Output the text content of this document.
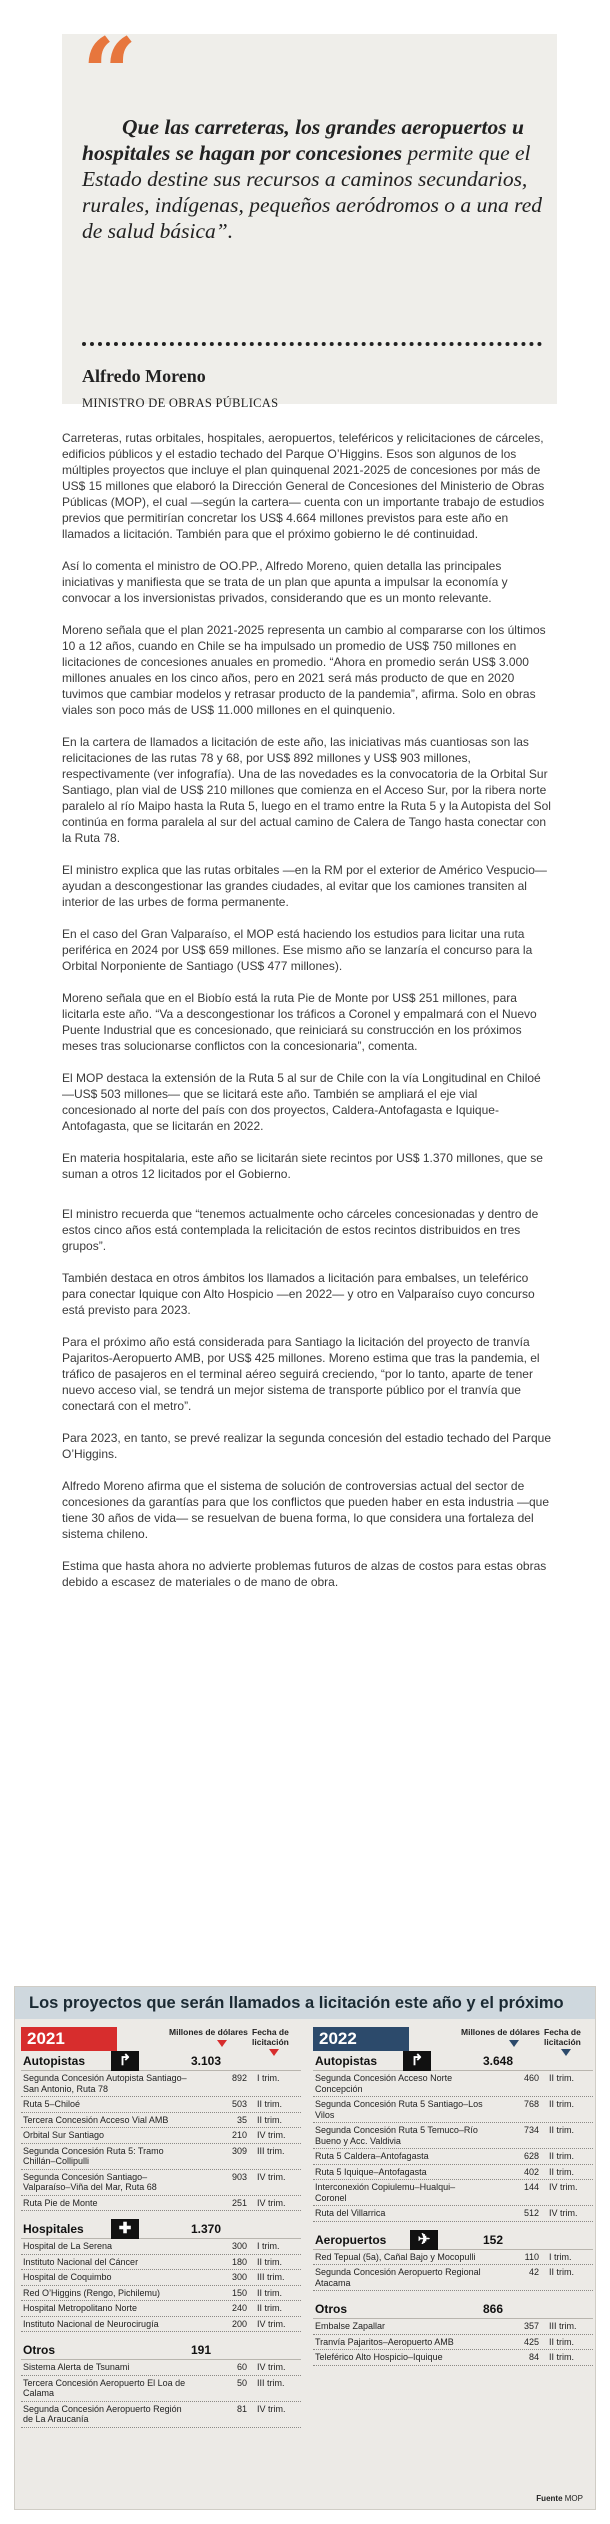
“
Que las carreteras, los grandes aeropuertos u hospitales se hagan por concesiones permite que el Estado destine sus recursos a caminos secundarios, rurales, indígenas, pequeños aeródromos o a una red de salud básica”.
Alfredo Moreno
MINISTRO DE OBRAS PÚBLICAS

Carreteras, rutas orbitales, hospitales, aeropuertos, teleféricos y relicitaciones de cárceles, edificios públicos y el estadio techado del Parque O’Higgins. Esos son algunos de los múltiples proyectos que incluye el plan quinquenal 2021-2025 de concesiones por más de US$ 15 millones que elaboró la Dirección General de Concesiones del Ministerio de Obras Públicas (MOP), el cual —según la cartera— cuenta con un importante trabajo de estudios previos que permitirían concretar los US$ 4.664 millones previstos para este año en llamados a licitación. También para que el próximo gobierno le dé continuidad.

Así lo comenta el ministro de OO.PP., Alfredo Moreno, quien detalla las principales iniciativas y manifiesta que se trata de un plan que apunta a impulsar la economía y convocar a los inversionistas privados, considerando que es un monto relevante.

Moreno señala que el plan 2021-2025 representa un cambio al compararse con los últimos 10 a 12 años, cuando en Chile se ha impulsado un promedio de US$ 750 millones en licitaciones de concesiones anuales en promedio. “Ahora en promedio serán US$ 3.000 millones anuales en los cinco años, pero en 2021 será más producto de que en 2020 tuvimos que cambiar modelos y retrasar producto de la pandemia”, afirma. Solo en obras viales son poco más de US$ 11.000 millones en el quinquenio.

En la cartera de llamados a licitación de este año, las iniciativas más cuantiosas son las relicitaciones de las rutas 78 y 68, por US$ 892 millones y US$ 903 millones, respectivamente (ver infografía). Una de las novedades es la convocatoria de la Orbital Sur Santiago, plan vial de US$ 210 millones que comienza en el Acceso Sur, por la ribera norte paralelo al río Maipo hasta la Ruta 5, luego en el tramo entre la Ruta 5 y la Autopista del Sol continúa en forma paralela al sur del actual camino de Calera de Tango hasta conectar con la Ruta 78.

El ministro explica que las rutas orbitales —en la RM por el exterior de Américo Vespucio— ayudan a descongestionar las grandes ciudades, al evitar que los camiones transiten al interior de las urbes de forma permanente.

En el caso del Gran Valparaíso, el MOP está haciendo los estudios para licitar una ruta periférica en 2024 por US$ 659 millones. Ese mismo año se lanzaría el concurso para la Orbital Norponiente de Santiago (US$ 477 millones).

Moreno señala que en el Biobío está la ruta Pie de Monte por US$ 251 millones, para licitarla este año. “Va a descongestionar los tráficos a Coronel y empalmará con el Nuevo Puente Industrial que es concesionado, que reiniciará su construcción en los próximos meses tras solucionarse conflictos con la concesionaria”, comenta.

El MOP destaca la extensión de la Ruta 5 al sur de Chile con la vía Longitudinal en Chiloé —US$ 503 millones— que se licitará este año. También se ampliará el eje vial concesionado al norte del país con dos proyectos, Caldera-Antofagasta e Iquique-Antofagasta, que se licitarán en 2022.

En materia hospitalaria, este año se licitarán siete recintos por US$ 1.370 millones, que se suman a otros 12 licitados por el Gobierno.

El ministro recuerda que “tenemos actualmente ocho cárceles concesionadas y dentro de estos cinco años está contemplada la relicitación de estos recintos distribuidos en tres grupos”.

También destaca en otros ámbitos los llamados a licitación para embalses, un teleférico para conectar Iquique con Alto Hospicio —en 2022— y otro en Valparaíso cuyo concurso está previsto para 2023.

Para el próximo año está considerada para Santiago la licitación del proyecto de tranvía Pajaritos-Aeropuerto AMB, por US$ 425 millones. Moreno estima que tras la pandemia, el tráfico de pasajeros en el terminal aéreo seguirá creciendo, “por lo tanto, aparte de tener nuevo acceso vial, se tendrá un mejor sistema de transporte público por el tranvía que conectará con el metro”.

Para 2023, en tanto, se prevé realizar la segunda concesión del estadio techado del Parque O’Higgins.

Alfredo Moreno afirma que el sistema de solución de controversias actual del sector de concesiones da garantías para que los conflictos que pueden haber en esta industria —que tiene 30 años de vida— se resuelvan de buena forma, lo que considera una fortaleza del sistema chileno.

Estima que hasta ahora no advierte problemas futuros de alzas de costos para estas obras debido a escasez de materiales o de mano de obra.

Los proyectos que serán llamados a licitación este año y el próximo
2021	Millones de dólares Fecha de licitación
Autopistas	↱	3.103
Segunda Concesión Autopista Santiago–San Antonio, Ruta 78
892 I trim.
Ruta 5–Chiloé	503 II trim.
Tercera Concesión Acceso Vial AMB	35 II trim.
Orbital Sur Santiago	210 IV trim.
Segunda Concesión Ruta 5: Tramo Chillán–Collipulli
309 III trim.
Segunda Concesión Santiago–Valparaíso–Viña del Mar, Ruta 68
903 IV trim.
Ruta Pie de Monte	251 IV trim.
Hospitales	✚	1.370
Hospital de La Serena	300 I trim.
Instituto Nacional del Cáncer	180 II trim.
Hospital de Coquimbo	300 III trim.
Red O’Higgins (Rengo, Pichilemu)	150 II trim.
Hospital Metropolitano Norte	240 II trim.
Instituto Nacional de Neurocirugía	200 IV trim.
Otros	191
Sistema Alerta de Tsunami	60 IV trim.
Tercera Concesión Aeropuerto El Loa de Calama
50 III trim.
Segunda Concesión Aeropuerto Región de La Araucanía
81 IV trim.
2022	Millones de dólares Fecha de licitación
Autopistas	↱	3.648
Segunda Concesión Acceso Norte Concepción
460 II trim.
Segunda Concesión Ruta 5 Santiago–Los Vilos
768 II trim.
Segunda Concesión Ruta 5 Temuco–Río Bueno y Acc. Valdivia
734 II trim.
Ruta 5 Caldera–Antofagasta	628 II trim.
Ruta 5 Iquique–Antofagasta	402 II trim.
Interconexión Copiulemu–Hualqui–Coronel
144 IV trim.
Ruta del Villarrica	512 IV trim.
Aeropuertos	✈	152
Red Tepual (5a), Cañal Bajo y Mocopulli	110 I trim.
Segunda Concesión Aeropuerto Regional Atacama
42 II trim.
Otros	866
Embalse Zapallar	357 III trim.
Tranvía Pajaritos–Aeropuerto AMB	425 II trim.
Teleférico Alto Hospicio–Iquique	84 II trim.
Fuente MOP
